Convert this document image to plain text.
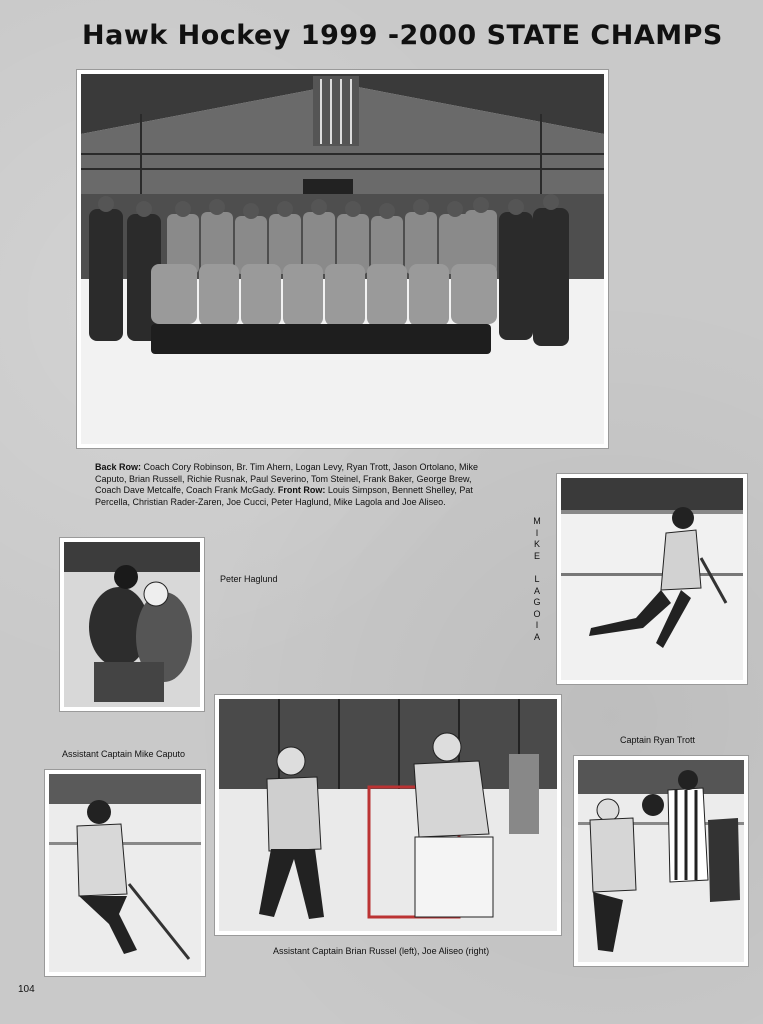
Hawk Hockey 1999 -2000 STATE CHAMPS
Back Row: Coach Cory Robinson, Br. Tim Ahern, Logan Levy, Ryan Trott, Jason Ortolano, Mike Caputo, Brian Russell, Richie Rusnak, Paul Severino, Tom Steinel, Frank Baker, George Brew, Coach Dave Metcalfe, Coach Frank McGady. Front Row: Louis Simpson, Bennett Shelley, Pat Percella, Christian Rader-Zaren, Joe Cucci, Peter Haglund, Mike Lagola and Joe Aliseo.
Peter Haglund
M
I
K
E

L
A
G
O
I
A
Assistant Captain Brian Russel (left), Joe Aliseo (right)
Assistant Captain Mike Caputo
Captain Ryan Trott
104
